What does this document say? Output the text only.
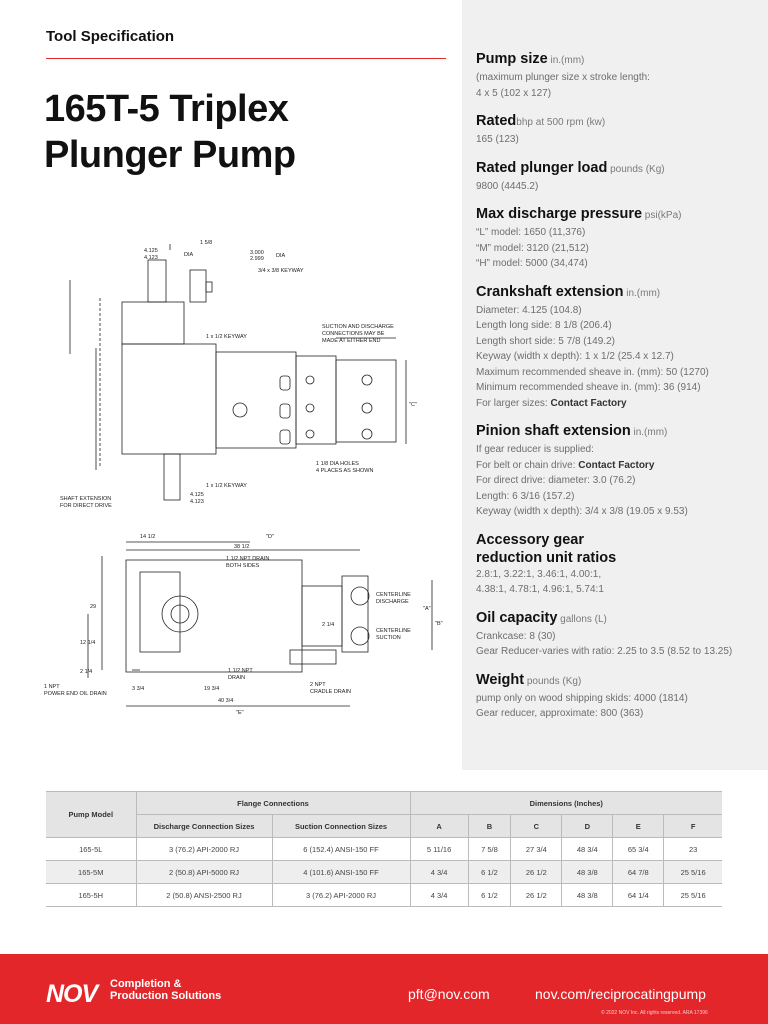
Tool Specification
165T-5 Triplex
Plunger Pump
4.125
4.123
1 5/8
DIA	3.000
2.999 DIA
3/4 x 3/8 KEYWAY
1 x 1/2 KEYWAY
SUCTION AND DISCHARGE
CONNECTIONS MAY BE
MADE AT EITHER END
"C"
1 1/8 DIA HOLES
4 PLACES AS SHOWN
1 x 1/2 KEYWAY
SHAFT EXTENSION
FOR DIRECT DRIVE
4.125
4.123
14 1/2	"D"
38 1/2
1 1/2 NPT DRAIN
BOTH SIDES
CENTERLINE
DISCHARGE
CENTERLINE
SUCTION
"A"
"B"
29
12 1/4
2 1/4
2 1/4	1 1/2 NPT
DRAIN
1 NPT
POWER END OIL DRAIN
3 3/4	19 3/4
2 NPT
CRADLE DRAIN
40 3/4
"E"
Pump size in.(mm)

(maximum plunger size x stroke length:

4 x 5 (102 x 127)

Ratedbhp at 500 rpm (kw)

165 (123)

Rated plunger load pounds (Kg)

9800 (4445.2)

Max discharge pressure psi(kPa)

“L” model: 1650 (11,376)

“M” model: 3120 (21,512)

“H” model: 5000 (34,474)

Crankshaft extension in.(mm)

Diameter: 4.125 (104.8)

Length long side: 8 1/8 (206.4)

Length short side: 5 7/8 (149.2)

Keyway (width x depth): 1 x 1/2 (25.4 x 12.7)

Maximum recommended sheave in. (mm): 50 (1270)

Minimum recommended sheave in. (mm): 36 (914)

For larger sizes: Contact Factory

Pinion shaft extension in.(mm)

If gear reducer is supplied:

For belt or chain drive: Contact Factory

For direct drive: diameter: 3.0 (76.2)

Length: 6 3/16 (157.2)

Keyway (width x depth): 3/4 x 3/8 (19.05 x 9.53)

Accessory gear
reduction unit ratios

2.8:1, 3.22:1, 3.46:1, 4.00:1,

4.38:1, 4.78:1, 4.96:1, 5.74:1

Oil capacity gallons (L)

Crankcase: 8 (30)

Gear Reducer-varies with ratio: 2.25 to 3.5 (8.52 to 13.25)

Weight pounds (Kg)

pump only on wood shipping skids: 4000 (1814)

Gear reducer, approximate: 800 (363)

Pump Model	Flange Connections		Dimensions (Inches)					
	Discharge Connection Sizes	Suction Connection Sizes	A	B	C	D	E	F
165-5L	3 (76.2) API-2000 RJ	6 (152.4) ANSI-150 FF	5 11/16	7 5/8	27 3/4	48 3/4	65 3/4	23
165-5M	2 (50.8) API-5000 RJ	4 (101.6) ANSI-150 FF	4 3/4	6 1/2	26 1/2	48 3/8	64 7/8	25 5/16
165-5H	2 (50.8) ANSI-2500 RJ	3 (76.2) API-2000 RJ	4 3/4	6 1/2	26 1/2	48 3/8	64 1/4	25 5/16
NOV Completion &
Production Solutions	pft@nov.com	nov.com/reciprocatingpump
© 2022 NOV Inc. All rights reserved. ARA 17396
